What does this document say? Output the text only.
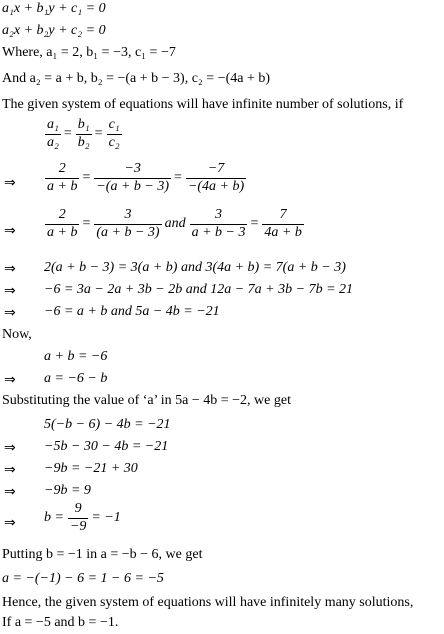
a₁x + b₁y + c₁ = 0
a₂x + b₂y + c₂ = 0
Where, a₁ = 2, b₁ = −3, c₁ = −7
And a₂ = a + b, b₂ = −(a + b − 3), c₂ = −(4a + b)
The given system of equations will have infinite number of solutions, if
$\frac{\text{a₁}}{\text{a₂}} = \frac{\text{b₁}}{\text{b₂}} = \frac{\text{c₁}}{\text{c₂}}$
⇒ $\frac{2}{a + b} = \frac{-3}{-(a + b - 3)} = \frac{-7}{-(4a + b)}$
⇒ $\frac{2}{a + b} = \frac{3}{(a + b - 3)}$ and $\frac{3}{a + b - 3} = \frac{7}{4a + b}$
⇒ 2(a + b − 3) = 3(a + b) and 3(4a + b) = 7(a + b − 3)
⇒ −6 = 3a − 2a + 3b − 2b and 12a − 7a + 3b − 7b = 21
⇒ −6 = a + b and 5a − 4b = −21
Now,
a + b = −6
⇒ a = −6 − b
Substituting the value of ‘a’ in 5a − 4b = −2, we get
5(−b − 6) − 4b = −21
⇒ −5b − 30 − 4b = −21
⇒ −9b = −21 + 30
⇒ −9b = 9
⇒ $b = \frac{9}{-9} = -1$
Putting b = −1 in a = −b − 6, we get
a = −(−1) − 6 = 1 − 6 = −5
Hence, the given system of equations will have infinitely many solutions,
If a = −5 and b = −1.
